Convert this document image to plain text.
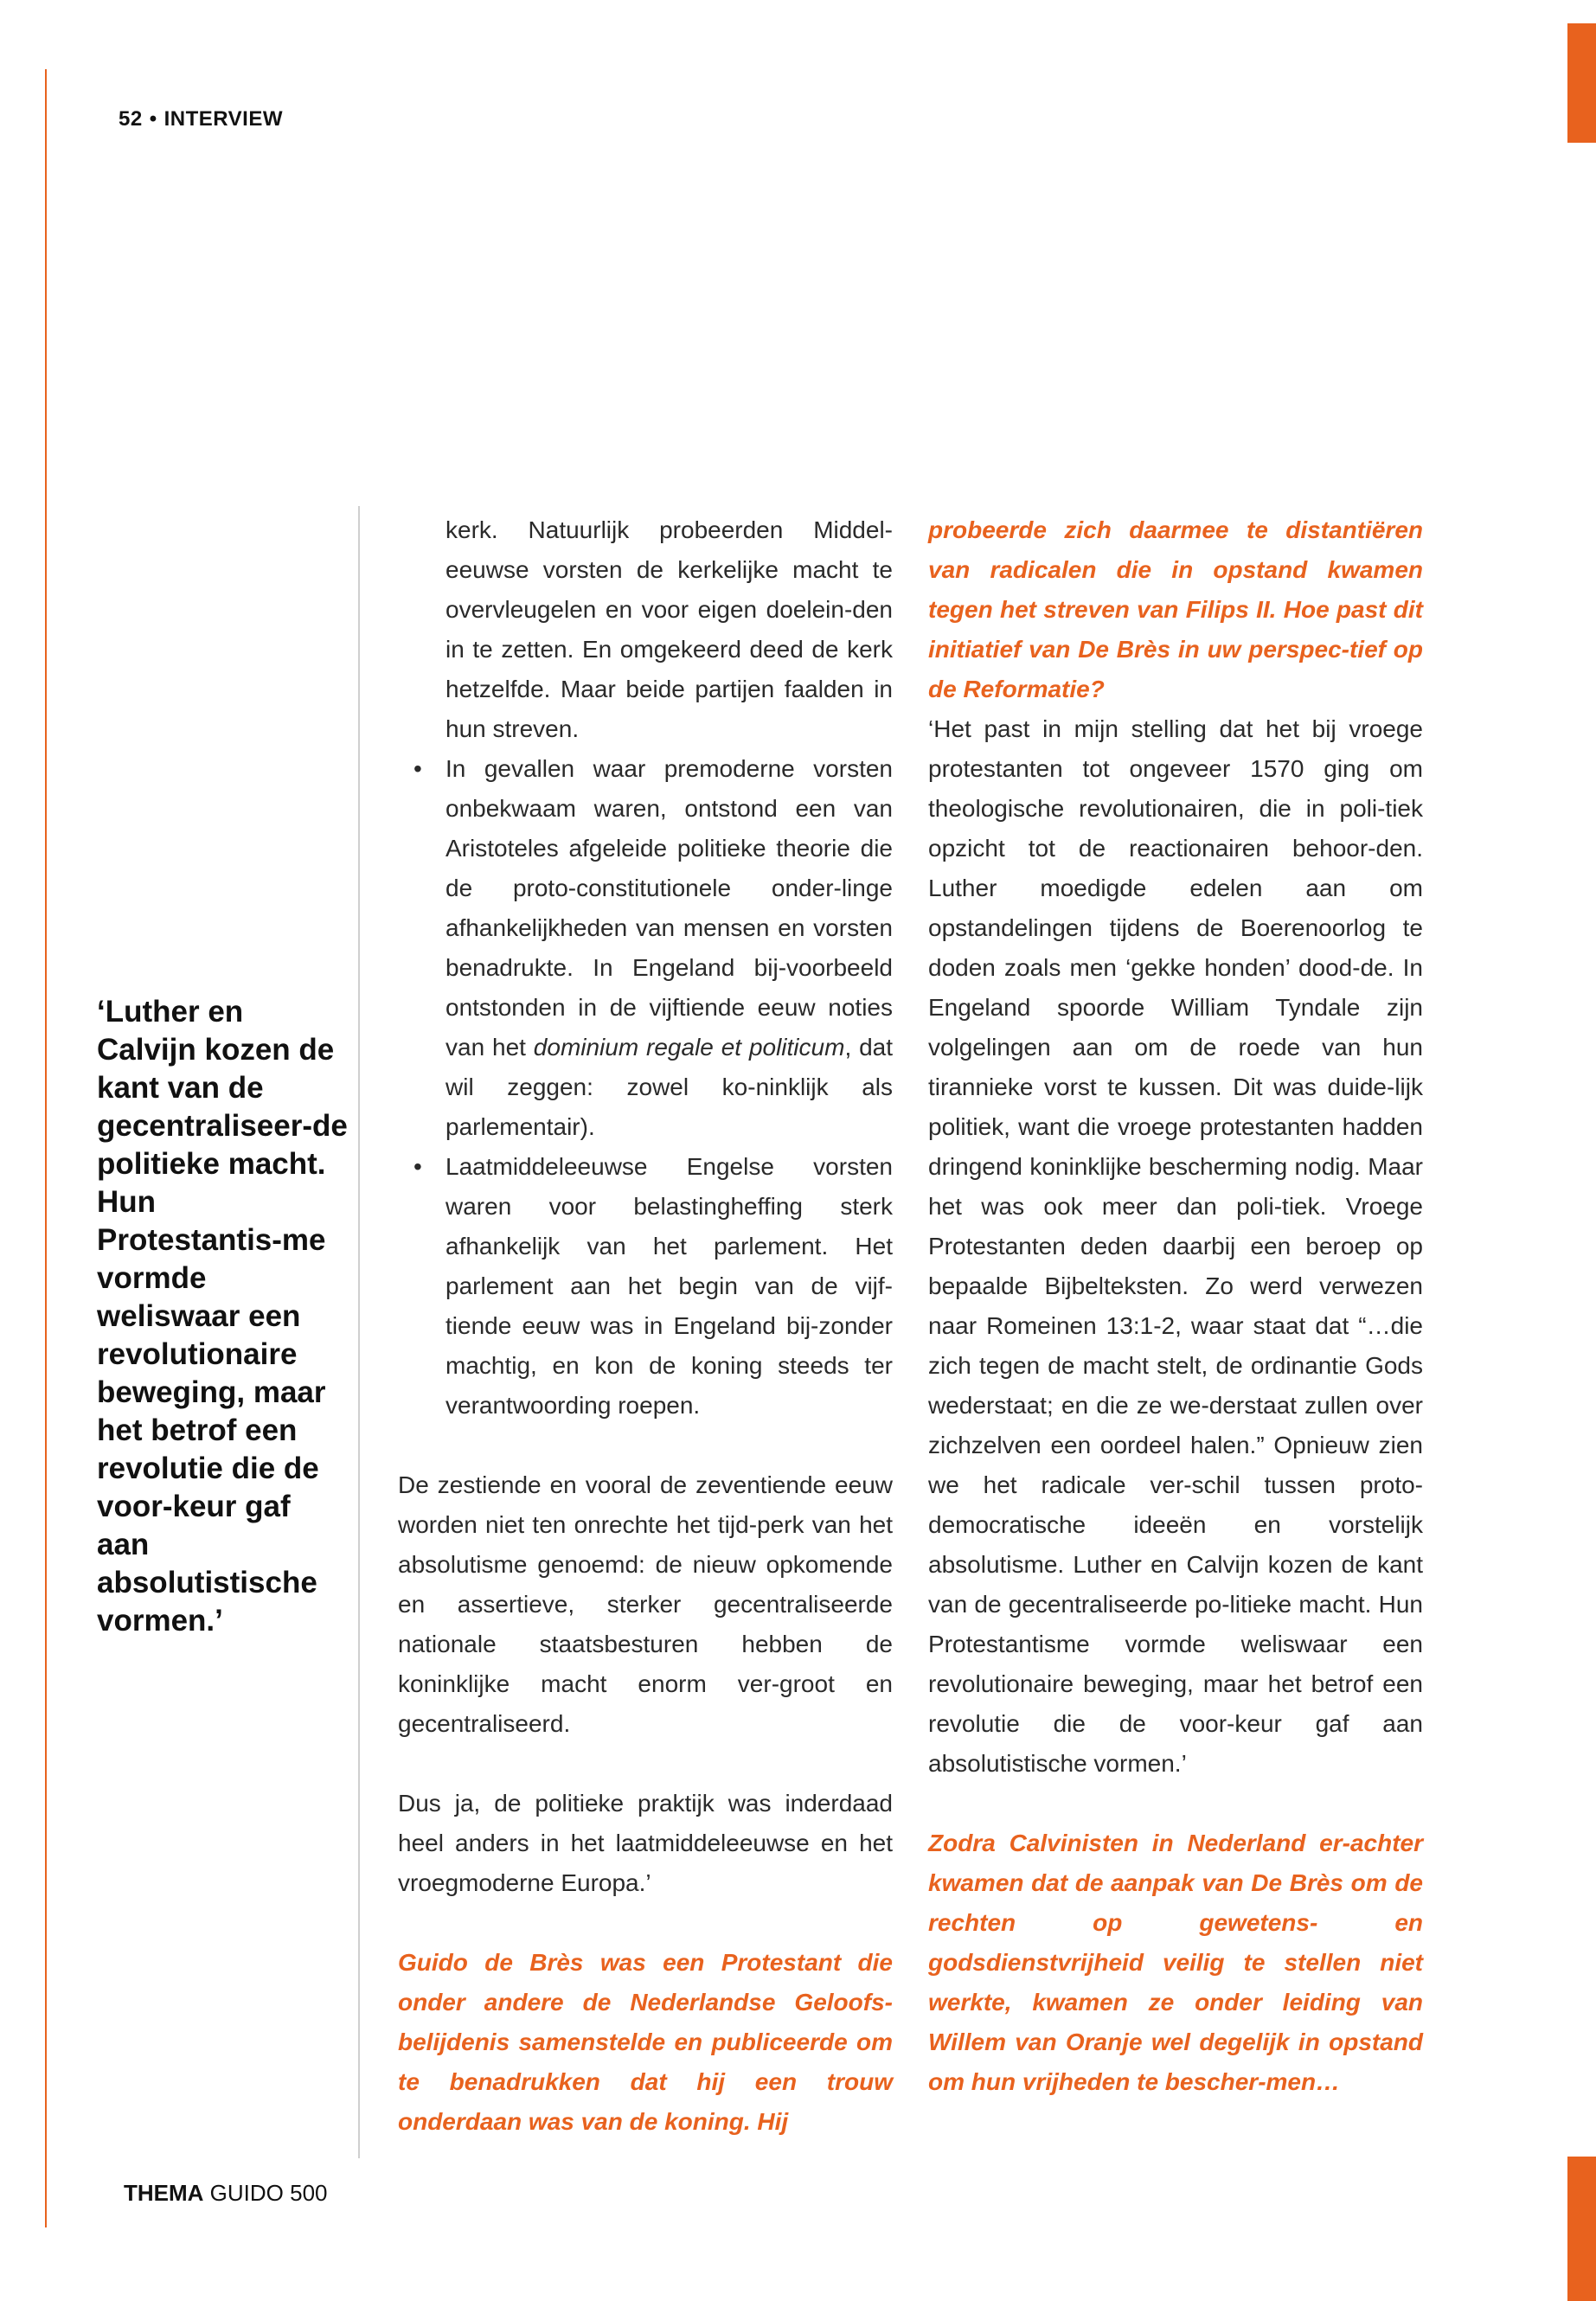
52 • INTERVIEW
‘Luther en Calvijn kozen de kant van de gecentraliseer-de politieke macht. Hun Protestantis-me vormde weliswaar een revolutionaire beweging, maar het betrof een revolutie die de voor-keur gaf aan absolutistische vormen.’

kerk. Natuurlijk probeerden Middel-eeuwse vorsten de kerkelijke macht te overvleugelen en voor eigen doelein-den in te zetten. En omgekeerd deed de kerk hetzelfde. Maar beide partijen faalden in hun streven.

• In gevallen waar premoderne vorsten onbekwaam waren, ontstond een van Aristoteles afgeleide politieke theorie die de proto-constitutionele onder-linge afhankelijkheden van mensen en vorsten benadrukte. In Engeland bij-voorbeeld ontstonden in de vijftiende eeuw noties van het dominium regale et politicum, dat wil zeggen: zowel ko-ninklijk als parlementair).
• Laatmiddeleeuwse Engelse vorsten waren voor belastingheffing sterk afhankelijk van het parlement. Het parlement aan het begin van de vijf-tiende eeuw was in Engeland bij-zonder machtig, en kon de koning steeds ter verantwoording roepen.

De zestiende en vooral de zeventiende eeuw worden niet ten onrechte het tijd-perk van het absolutisme genoemd: de nieuw opkomende en assertieve, sterker gecentraliseerde nationale staatsbesturen hebben de koninklijke macht enorm ver-groot en gecentraliseerd.

Dus ja, de politieke praktijk was inderdaad heel anders in het laatmiddeleeuwse en het vroegmoderne Europa.’

Guido de Brès was een Protestant die onder andere de Nederlandse Geloofs-belijdenis samenstelde en publiceerde om te benadrukken dat hij een trouw onderdaan was van de koning. Hij

probeerde zich daarmee te distantiëren van radicalen die in opstand kwamen tegen het streven van Filips II. Hoe past dit initiatief van De Brès in uw perspec-tief op de Reformatie?

‘Het past in mijn stelling dat het bij vroege protestanten tot ongeveer 1570 ging om theologische revolutionairen, die in poli-tiek opzicht tot de reactionairen behoor-den. Luther moedigde edelen aan om opstandelingen tijdens de Boerenoorlog te doden zoals men ‘gekke honden’ dood-de. In Engeland spoorde William Tyndale zijn volgelingen aan om de roede van hun tirannieke vorst te kussen. Dit was duide-lijk politiek, want die vroege protestanten hadden dringend koninklijke bescherming nodig. Maar het was ook meer dan poli-tiek. Vroege Protestanten deden daarbij een beroep op bepaalde Bijbelteksten. Zo werd verwezen naar Romeinen 13:1-2, waar staat dat “…die zich tegen de macht stelt, de ordinantie Gods wederstaat; en die ze we-derstaat zullen over zichzelven een oordeel halen.” Opnieuw zien we het radicale ver-schil tussen proto-democratische ideeën en vorstelijk absolutisme. Luther en Calvijn kozen de kant van de gecentraliseerde po-litieke macht. Hun Protestantisme vormde weliswaar een revolutionaire beweging, maar het betrof een revolutie die de voor-keur gaf aan absolutistische vormen.’

Zodra Calvinisten in Nederland er-achter kwamen dat de aanpak van De Brès om de rechten op gewetens- en godsdienstvrijheid veilig te stellen niet werkte, kwamen ze onder leiding van Willem van Oranje wel degelijk in opstand om hun vrijheden te bescher-men…

THEMA GUIDO 500
